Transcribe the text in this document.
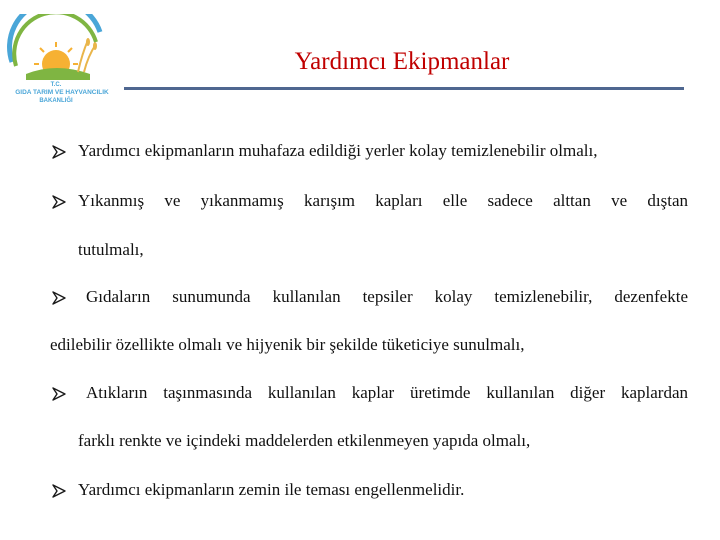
T.C.
GIDA TARIM VE HAYVANCILIK
BAKANLIĞI
Yardımcı Ekipmanlar
Yardımcı ekipmanların muhafaza edildiği yerler kolay temizlenebilir olmalı,
Yıkanmış ve yıkanmamış karışım kapları elle sadece alttan ve dıştan
tutulmalı,
Gıdaların sunumunda kullanılan tepsiler kolay temizlenebilir, dezenfekte
edilebilir özellikte olmalı ve hijyenik bir şekilde tüketiciye sunulmalı,
Atıkların taşınmasında kullanılan kaplar üretimde kullanılan diğer kaplardan
farklı renkte ve içindeki maddelerden etkilenmeyen yapıda olmalı,
Yardımcı ekipmanların zemin ile teması engellenmelidir.
